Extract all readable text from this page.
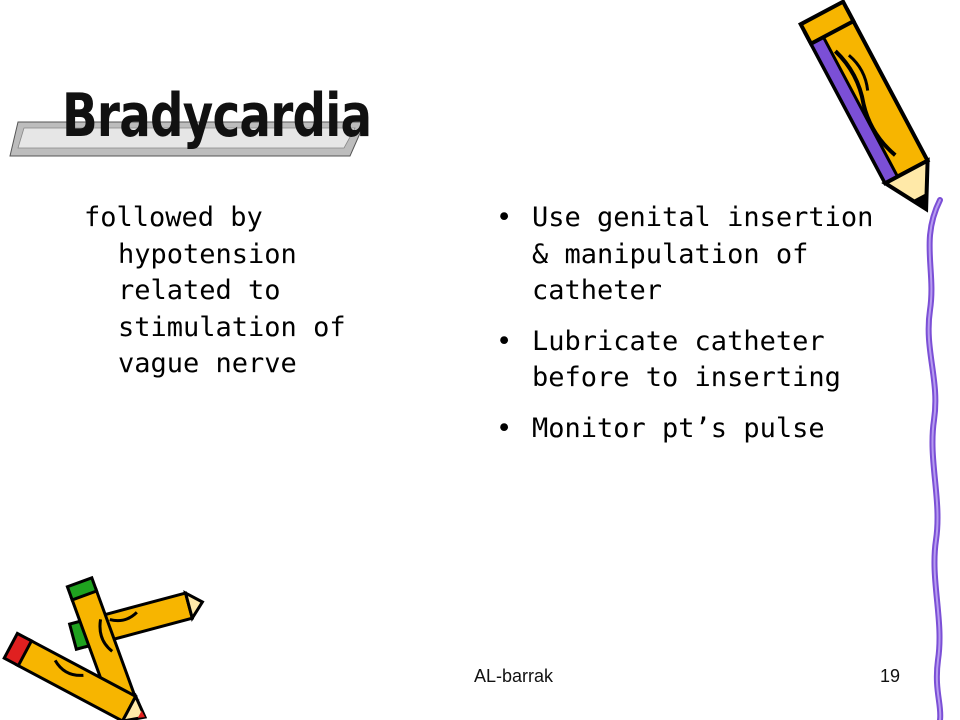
Bradycardia

followed by hypotension related to stimulation of vague nerve

• Use genital insertion & manipulation of catheter
• Lubricate catheter before to inserting
• Monitor pt’s pulse
AL-barrak	19
